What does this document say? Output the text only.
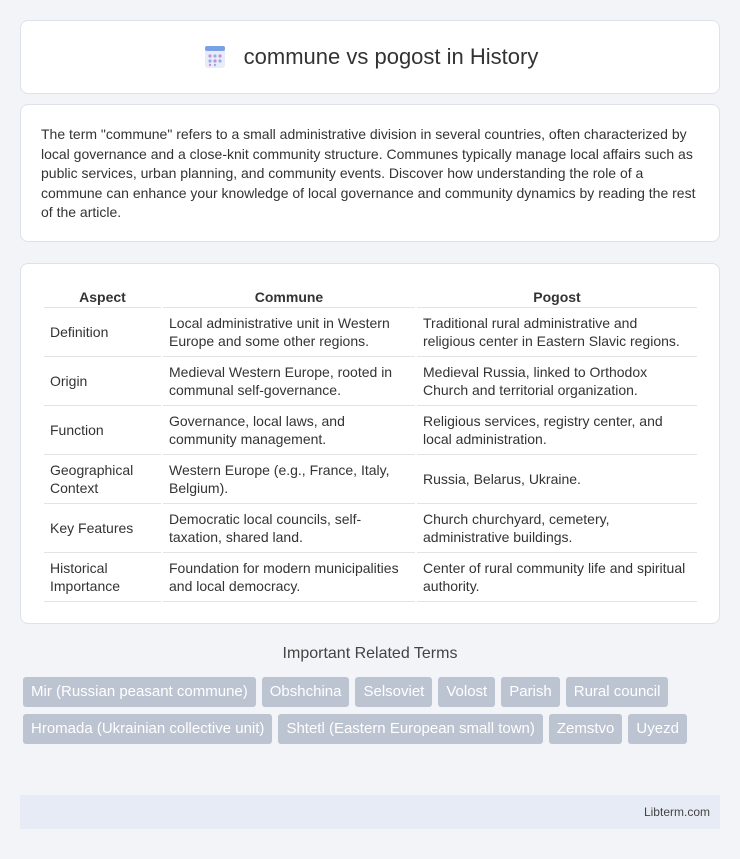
commune vs pogost in History

The term "commune" refers to a small administrative division in several countries, often characterized by local governance and a close-knit community structure. Communes typically manage local affairs such as public services, urban planning, and community events. Discover how understanding the role of a commune can enhance your knowledge of local governance and community dynamics by reading the rest of the article.

Aspect	Commune	Pogost
Definition	Local administrative unit in Western Europe and some other regions.	Traditional rural administrative and religious center in Eastern Slavic regions.
Origin	Medieval Western Europe, rooted in communal self-governance.	Medieval Russia, linked to Orthodox Church and territorial organization.
Function	Governance, local laws, and community management.	Religious services, registry center, and local administration.
Geographical Context	Western Europe (e.g., France, Italy, Belgium).	Russia, Belarus, Ukraine.
Key Features	Democratic local councils, self-taxation, shared land.	Church churchyard, cemetery, administrative buildings.
Historical Importance	Foundation for modern municipalities and local democracy.	Center of rural community life and spiritual authority.
Important Related Terms
Mir (Russian peasant commune)	Obshchina	Selsoviet	Volost	Parish	Rural council
Hromada (Ukrainian collective unit)	Shtetl (Eastern European small town)	Zemstvo	Uyezd
Libterm.com
